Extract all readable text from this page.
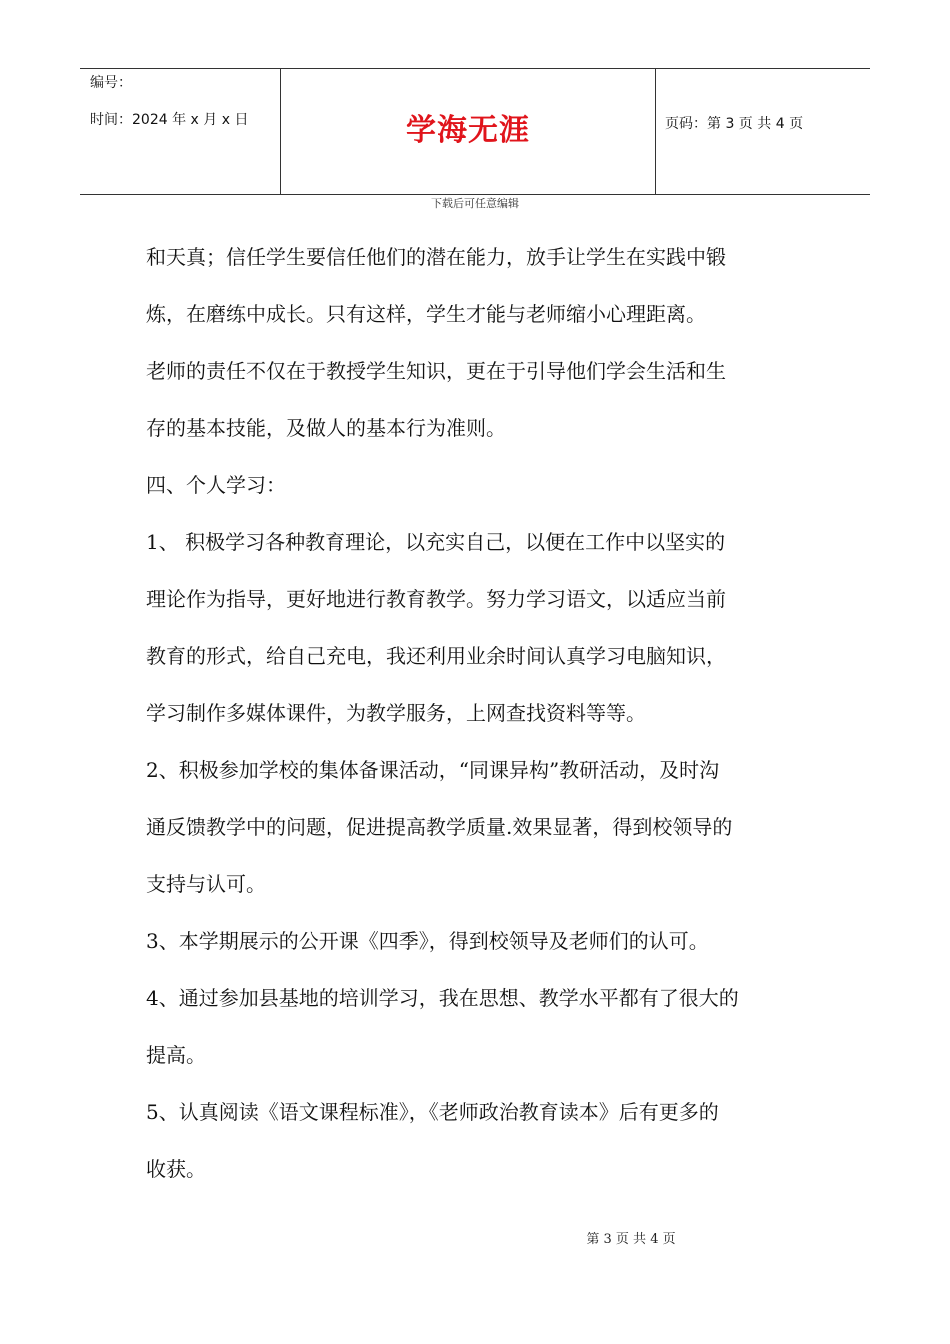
编号：
时间：2024 年 x 月 x 日	学海无涯	页码：第 3 页 共 4 页
下载后可任意编辑
和天真；信任学生要信任他们的潜在能力，放手让学生在实践中锻
炼，在磨练中成长。只有这样，学生才能与老师缩小心理距离。
老师的责任不仅在于教授学生知识，更在于引导他们学会生活和生
存的基本技能，及做人的基本行为准则。
四、个人学习：
1、 积极学习各种教育理论，以充实自己，以便在工作中以坚实的
理论作为指导，更好地进行教育教学。努力学习语文，以适应当前
教育的形式，给自己充电，我还利用业余时间认真学习电脑知识，
学习制作多媒体课件，为教学服务，上网查找资料等等。
2、积极参加学校的集体备课活动，“同课异构”教研活动，及时沟
通反馈教学中的问题，促进提高教学质量.效果显著，得到校领导的
支持与认可。
3、本学期展示的公开课《四季》，得到校领导及老师们的认可。
4、通过参加县基地的培训学习，我在思想、教学水平都有了很大的
提高。
5、认真阅读《语文课程标准》，《老师政治教育读本》后有更多的
收获。
第 3 页 共 4 页
